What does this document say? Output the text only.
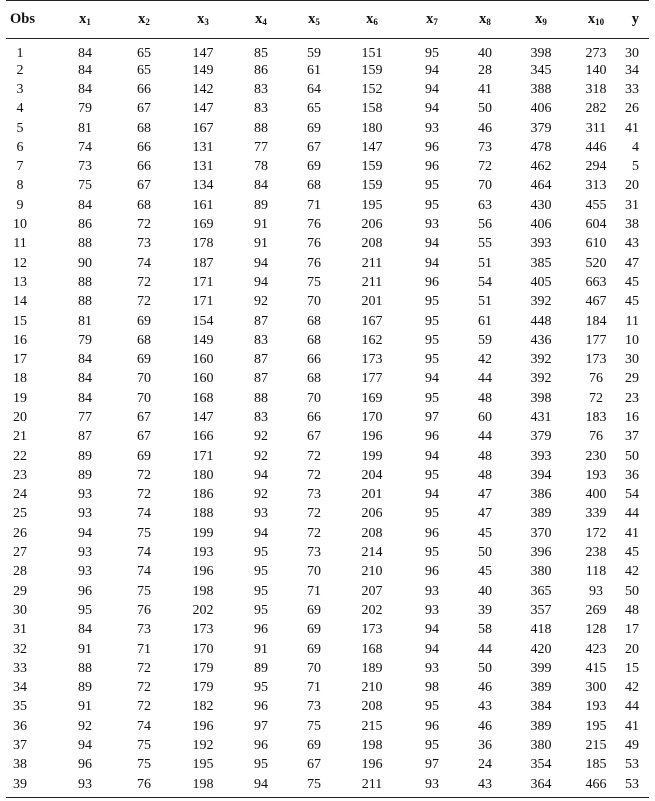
Obs	$x_1$	$x_2$	$x_3$	$x_4$	$x_5$	$x_6$	$x_7$	$x_8$	$x_9$	$x_{10}$	y
1	84	65	147	85	59	151	95	40	398	273	30
2	84	65	149	86	61	159	94	28	345	140	34
3	84	66	142	83	64	152	94	41	388	318	33
4	79	67	147	83	65	158	94	50	406	282	26
5	81	68	167	88	69	180	93	46	379	311	41
6	74	66	131	77	67	147	96	73	478	446	4
7	73	66	131	78	69	159	96	72	462	294	5
8	75	67	134	84	68	159	95	70	464	313	20
9	84	68	161	89	71	195	95	63	430	455	31
10	86	72	169	91	76	206	93	56	406	604	38
11	88	73	178	91	76	208	94	55	393	610	43
12	90	74	187	94	76	211	94	51	385	520	47
13	88	72	171	94	75	211	96	54	405	663	45
14	88	72	171	92	70	201	95	51	392	467	45
15	81	69	154	87	68	167	95	61	448	184	11
16	79	68	149	83	68	162	95	59	436	177	10
17	84	69	160	87	66	173	95	42	392	173	30
18	84	70	160	87	68	177	94	44	392	76	29
19	84	70	168	88	70	169	95	48	398	72	23
20	77	67	147	83	66	170	97	60	431	183	16
21	87	67	166	92	67	196	96	44	379	76	37
22	89	69	171	92	72	199	94	48	393	230	50
23	89	72	180	94	72	204	95	48	394	193	36
24	93	72	186	92	73	201	94	47	386	400	54
25	93	74	188	93	72	206	95	47	389	339	44
26	94	75	199	94	72	208	96	45	370	172	41
27	93	74	193	95	73	214	95	50	396	238	45
28	93	74	196	95	70	210	96	45	380	118	42
29	96	75	198	95	71	207	93	40	365	93	50
30	95	76	202	95	69	202	93	39	357	269	48
31	84	73	173	96	69	173	94	58	418	128	17
32	91	71	170	91	69	168	94	44	420	423	20
33	88	72	179	89	70	189	93	50	399	415	15
34	89	72	179	95	71	210	98	46	389	300	42
35	91	72	182	96	73	208	95	43	384	193	44
36	92	74	196	97	75	215	96	46	389	195	41
37	94	75	192	96	69	198	95	36	380	215	49
38	96	75	195	95	67	196	97	24	354	185	53
39	93	76	198	94	75	211	93	43	364	466	53
